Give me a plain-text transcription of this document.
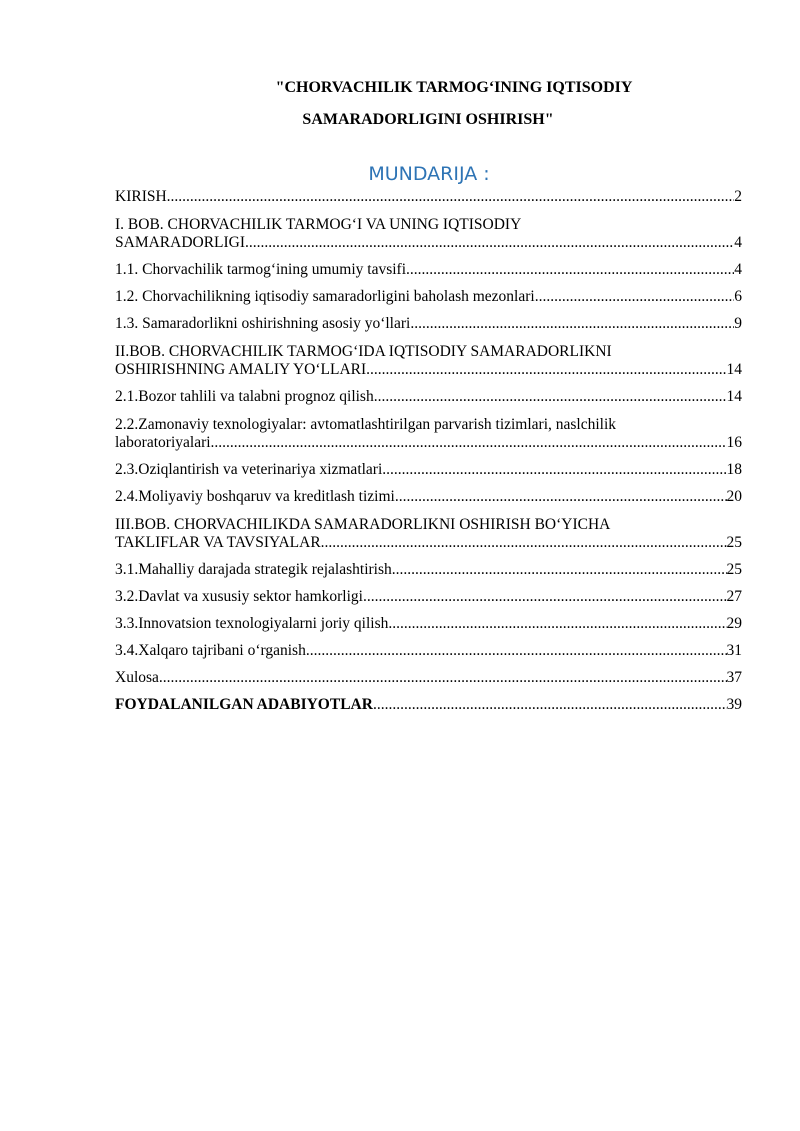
"CHORVACHILIK TARMOG‘INING IQTISODIY

SAMARADORLIGINI OSHIRISH"

MUNDARIJA :

KIRISH .....	2
I. BOB. CHORVACHILIK TARMOG‘I VA UNING IQTISODIY
SAMARADORLIGI .....	4
1.1. Chorvachilik tarmog‘ining umumiy tavsifi .....	4
1.2. Chorvachilikning iqtisodiy samaradorligini baholash mezonlari .....	6
1.3. Samaradorlikni oshirishning asosiy yo‘llari .....	9
II.BOB. CHORVACHILIK TARMOG‘IDA IQTISODIY SAMARADORLIKNI
OSHIRISHNING AMALIY YO‘LLARI .....	14
2.1.Bozor tahlili va talabni prognoz qilish .....	14
2.2.Zamonaviy texnologiyalar: avtomatlashtirilgan parvarish tizimlari, naslchilik
laboratoriyalari .....	16
2.3.Oziqlantirish va veterinariya xizmatlari .....	18
2.4.Moliyaviy boshqaruv va kreditlash tizimi .....	20
III.BOB. CHORVACHILIKDA SAMARADORLIKNI OSHIRISH BO‘YICHA
TAKLIFLAR VA TAVSIYALAR .....	25
3.1.Mahalliy darajada strategik rejalashtirish .....	25
3.2.Davlat va xususiy sektor hamkorligi .....	27
3.3.Innovatsion texnologiyalarni joriy qilish .....	29
3.4.Xalqaro tajribani o‘rganish .....	31
Xulosa .....	37
FOYDALANILGAN ADABIYOTLAR .....	39
